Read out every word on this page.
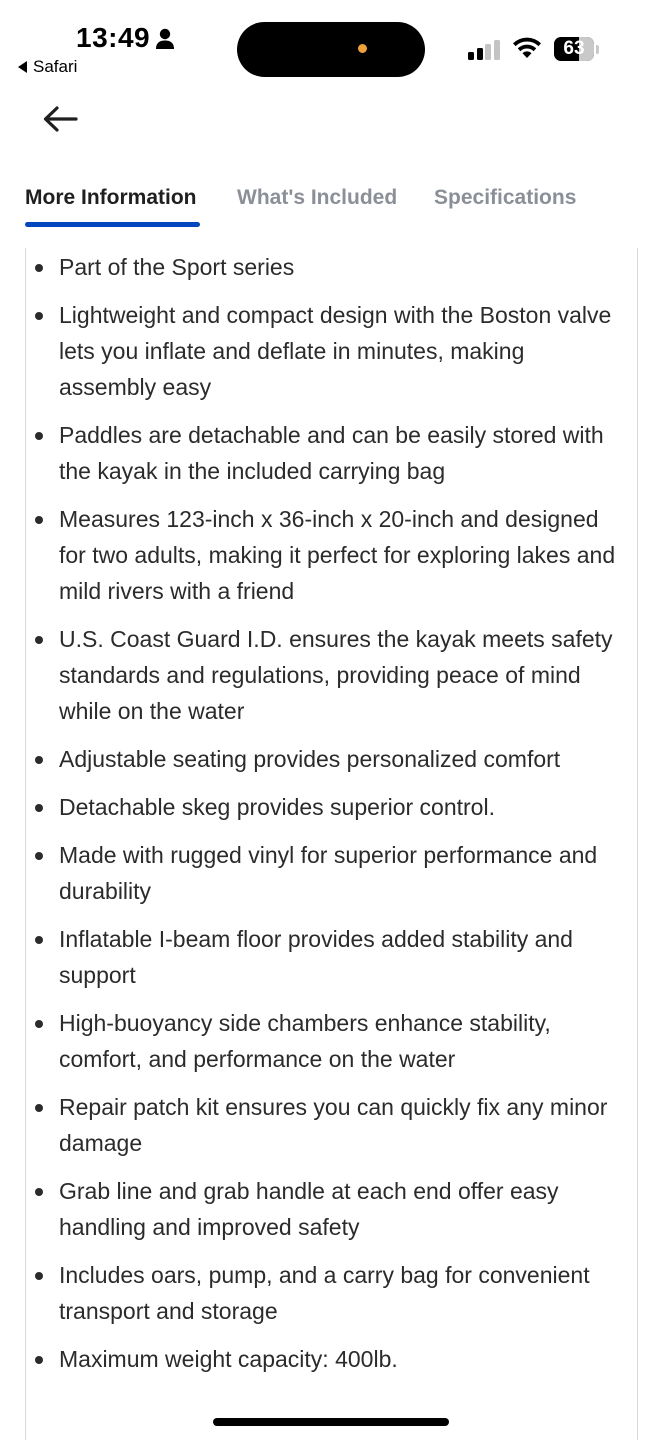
13:49
Safari
63
More Information What's Included Specifications
Part of the Sport series
Lightweight and compact design with the Boston valve lets you inflate and deflate in minutes, making assembly easy
Paddles are detachable and can be easily stored with the kayak in the included carrying bag
Measures 123-inch x 36-inch x 20-inch and designed for two adults, making it perfect for exploring lakes and mild rivers with a friend
U.S. Coast Guard I.D. ensures the kayak meets safety standards and regulations, providing peace of mind while on the water
Adjustable seating provides personalized comfort
Detachable skeg provides superior control.
Made with rugged vinyl for superior performance and durability
Inflatable I-beam floor provides added stability and support
High-buoyancy side chambers enhance stability, comfort, and performance on the water
Repair patch kit ensures you can quickly fix any minor damage
Grab line and grab handle at each end offer easy handling and improved safety
Includes oars, pump, and a carry bag for convenient transport and storage
Maximum weight capacity: 400lb.
